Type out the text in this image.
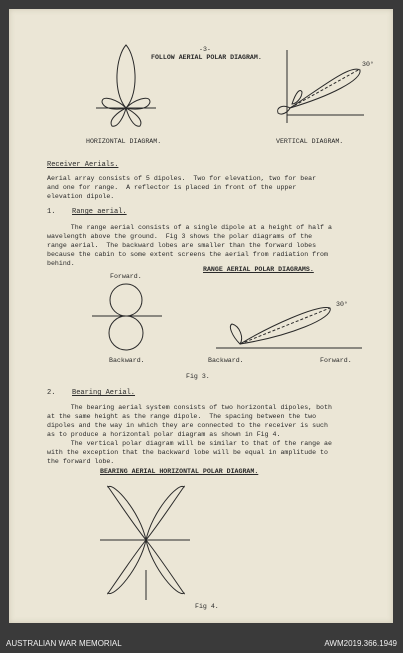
-3-
FOLLOW AERIAL POLAR DIAGRAM.
30°
HORIZONTAL DIAGRAM.	VERTICAL DIAGRAM.
Receiver Aerials.
Aerial array consists of 5 dipoles.  Two for elevation, two for bear
and one for range.  A reflector is placed in front of the upper
elevation dipole.
1. Range aerial.
The range aerial consists of a single dipole at a height of half a
wavelength above the ground.  Fig 3 shows the polar diagrams of the
range aerial.  The backward lobes are smaller than the forward lobes
because the cabin to some extent screens the aerial from radiation from
behind.
RANGE AERIAL POLAR DIAGRAMS.
Forward.
30°
Backward.	Backward.	Forward.
Fig 3.
2. Bearing Aerial.
The bearing aerial system consists of two horizontal dipoles, both
at the same height as the range dipole.  The spacing between the two
dipoles and the way in which they are connected to the receiver is such
as to produce a horizontal polar diagram as shown in Fig 4.
The vertical polar diagram will be similar to that of the range ae
with the exception that the backward lobe will be equal in amplitude to
the forward lobe.
BEARING AERIAL HORIZONTAL POLAR DIAGRAM.
Fig 4.
AUSTRALIAN WAR MEMORIAL	AWM2019.366.1949
